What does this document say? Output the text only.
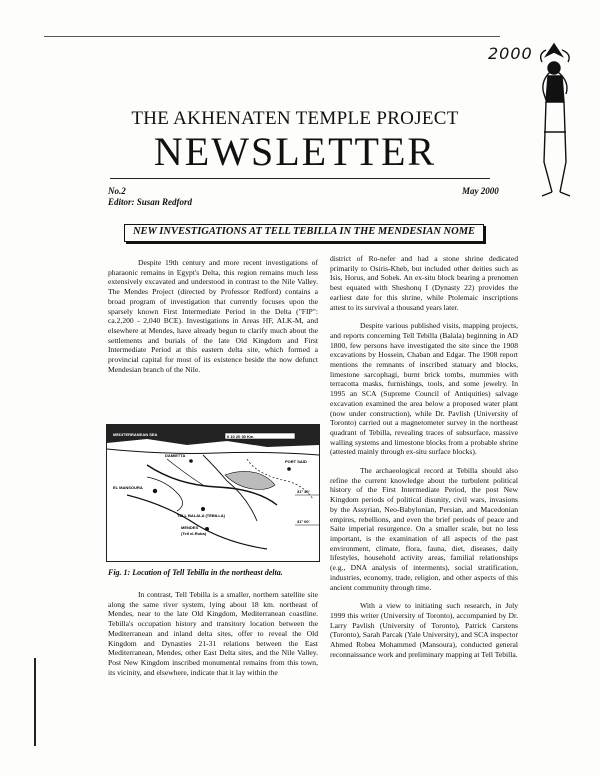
2000
THE AKHENATEN TEMPLE PROJECT
NEWSLETTER
No.2
Editor: Susan Redford
May 2000
NEW INVESTIGATIONS AT TELL TEBILLA IN THE MENDESIAN NOME

Despite 19th century and more recent investigations of pharaonic remains in Egypt's Delta, this region remains much less extensively excavated and understood in contrast to the Nile Valley. The Mendes Project (directed by Professor Redford) contains a broad program of investigation that currently focuses upon the sparsely known First Intermediate Period in the Delta ("FIP": ca.2,200 - 2,040 BCE). Investigations in Areas HF, ALK-M, and elsewhere at Mendes, have already begun to clarify much about the settlements and burials of the late Old Kingdom and First Intermediate Period at this eastern delta site, which formed a provincial capital for most of its existence beside the now defunct Mendesian branch of the Nile.

MEDITERRANEAN SEA	0 10 20 30 Km
DAMIETTA
PORT SAID
EL MANSOURA
TELL BALALA (TEBILLA)
MENDES
(Tell el-Ruba)
31° 30'
31° 00'
Fig. 1: Location of Tell Tebilla in the northeast delta.

In contrast, Tell Tebilla is a smaller, northern satellite site along the same river system, lying about 18 km. northeast of Mendes, near to the late Old Kingdom, Mediterranean coastline. Tebilla's occupation history and transitory location between the Mediterranean and inland delta sites, offer to reveal the Old Kingdom and Dynasties 21-31 relations between the East Mediterranean, Mendes, other East Delta sites, and the Nile Valley. Post New Kingdom inscribed monumental remains from this town, its vicinity, and elsewhere, indicate that it lay within the

district of Ro-nefer and had a stone shrine dedicated primarily to Osiris-Kheb, but included other deities such as Isis, Horus, and Sobek. An ex-situ block bearing a prenomen best equated with Sheshonq I (Dynasty 22) provides the earliest date for this shrine, while Ptolemaic inscriptions attest to its survival a thousand years later.

Despite various published visits, mapping projects, and reports concerning Tell Tebilla (Balala) beginning in AD 1800, few persons have investigated the site since the 1908 excavations by Hossein, Chaban and Edgar. The 1908 report mentions the remnants of inscribed statuary and blocks, limestone sarcophagi, burnt brick tombs, mummies with terracotta masks, furnishings, tools, and some jewelry. In 1995 an SCA (Supreme Council of Antiquities) salvage excavation examined the area below a proposed water plant (now under construction), while Dr. Pavlish (University of Toronto) carried out a magnetometer survey in the northeast quadrant of Tebilla, revealing traces of subsurface, massive walling systems and limestone blocks from a probable shrine (attested mainly through ex-situ surface blocks).

The archaeological record at Tebilla should also refine the current knowledge about the turbulent political history of the First Intermediate Period, the post New Kingdom periods of political disunity, civil wars, invasions by the Assyrian, Neo-Babylonian, Persian, and Macedonian empires, rebellions, and even the brief periods of peace and Saite imperial resurgence. On a smaller scale, but no less important, is the examination of all aspects of the past environment, climate, flora, fauna, diet, diseases, daily lifestyles, household activity areas, familial relationships (e.g., DNA analysis of interments), social stratification, industries, economy, trade, religion, and other aspects of this ancient community through time.

With a view to initiating such research, in July 1999 this writer (University of Toronto), accompanied by Dr. Larry Pavlish (University of Toronto), Patrick Carstens (Toronto), Sarah Parcak (Yale University), and SCA inspector Ahmed Robea Mohammed (Mansoura), conducted general reconnaissance work and preliminary mapping at Tell Tebilla.
